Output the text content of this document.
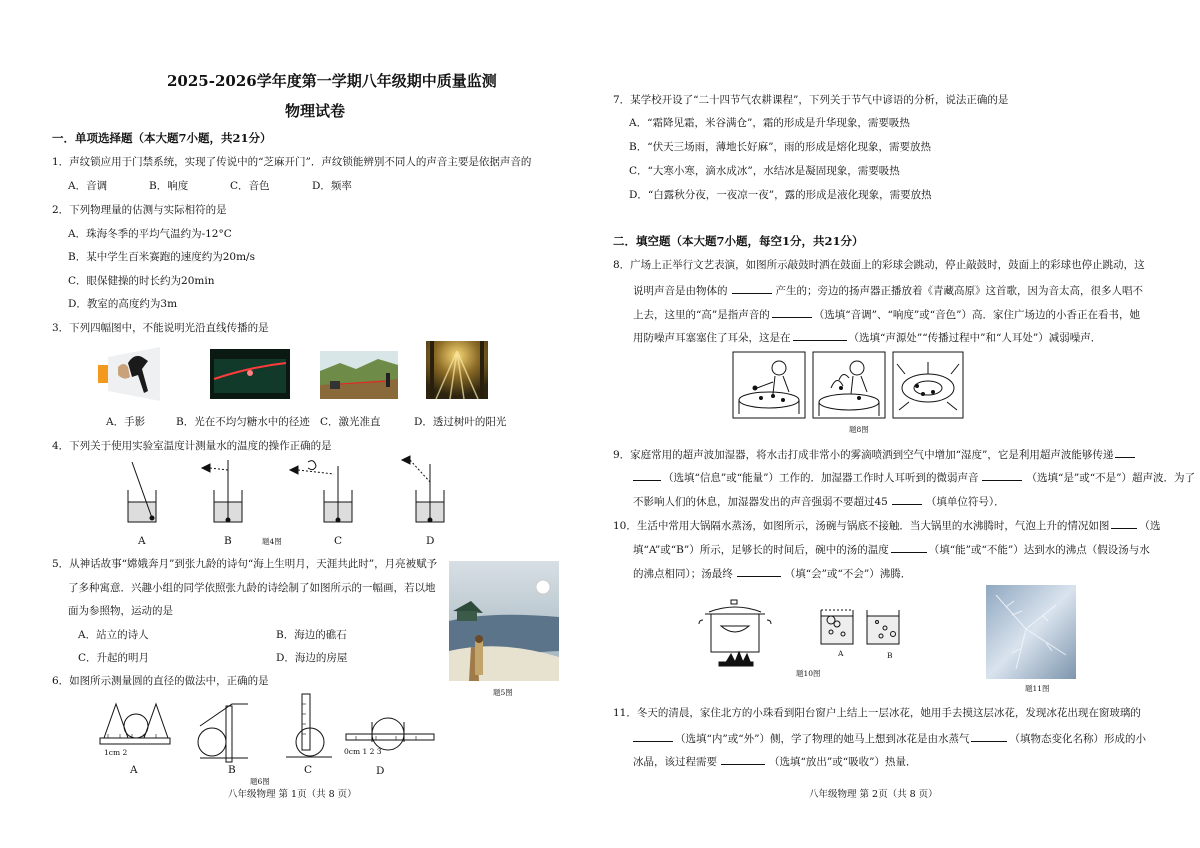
2025-2026学年度第一学期八年级期中质量监测
物理试卷
一．单项选择题（本大题7小题，共21分）
1．声纹锁应用于门禁系统，实现了传说中的“芝麻开门”．声纹锁能辨别不同人的声音主要是依据声音的
A．音调	B．响度	C．音色	D．频率
2．下列物理量的估测与实际相符的是
A．珠海冬季的平均气温约为-12°C
B．某中学生百米赛跑的速度约为20m/s
C．眼保健操的时长约为20min
D．教室的高度约为3m
3．下列四幅图中，不能说明光沿直线传播的是
A．手影	B．光在不均匀糖水中的径迹 C．激光准直	D．透过树叶的阳光
4．下列关于使用实验室温度计测量水的温度的操作正确的是
A	B	题4图	C	D
5．从神话故事“嫦娥奔月”到张九龄的诗句“海上生明月，天涯共此时”，月亮被赋予
了多种寓意．兴趣小组的同学依照张九龄的诗绘制了如图所示的一幅画，若以地
面为参照物，运动的是
A．站立的诗人	B．海边的礁石
C．升起的明月	D．海边的房屋
题5图
6．如图所示测量圆的直径的做法中，正确的是
1cm 2	0cm 1 2 3
A	B
题6图
C	D
八年级物理 第 1页（共 8 页）
7．某学校开设了“二十四节气农耕课程”，下列关于节气中谚语的分析，说法正确的是
A．“霜降见霜，米谷满仓”，霜的形成是升华现象，需要吸热
B．“伏天三场雨，薄地长好麻”，雨的形成是熔化现象，需要放热
C．“大寒小寒，滴水成冰”，水结冰是凝固现象，需要吸热
D．“白露秋分夜，一夜凉一夜”，露的形成是液化现象，需要放热
二．填空题（本大题7小题，每空1分，共21分）
8．广场上正举行文艺表演，如图所示敲鼓时洒在鼓面上的彩球会跳动，停止敲鼓时，鼓面上的彩球也停止跳动，这
说明声音是由物体的	产生的；旁边的扬声器正播放着《青藏高原》这首歌，因为音太高，很多人唱不
上去，这里的“高”是指声音的	（选填“音调”、“响度”或“音色”）高．家住广场边的小香正在看书，她
用防噪声耳塞塞住了耳朵，这是在	（选填“声源处”“传播过程中”和“人耳处”）减弱噪声．
题8图
9．家庭常用的超声波加湿器，将水击打成非常小的雾滴喷洒到空气中增加“湿度”，它是利用超声波能够传递
（选填“信息”或“能量”）工作的．加湿器工作时人耳听到的微弱声音	（选填“是”或“不是”）超声波．为了
不影响人们的休息，加湿器发出的声音强弱不要超过45	（填单位符号）．
10．生活中常用大锅隔水蒸汤，如图所示，汤碗与锅底不接触．当大锅里的水沸腾时，气泡上升的情况如图	（选
填“A”或“B”）所示，足够长的时间后，碗中的汤的温度	（填“能”或“不能”）达到水的沸点（假设汤与水
的沸点相同）；汤最终	（填“会”或“不会”）沸腾．
A	B
题10图
题11图
11．冬天的清晨，家住北方的小珠看到阳台窗户上结上一层冰花，她用手去摸这层冰花，发现冰花出现在窗玻璃的
（选填“内”或“外”）侧，学了物理的她马上想到冰花是由水蒸气	（填物态变化名称）形成的小
冰晶，该过程需要	（选填“放出”或“吸收”）热量．
八年级物理 第 2页（共 8 页）
